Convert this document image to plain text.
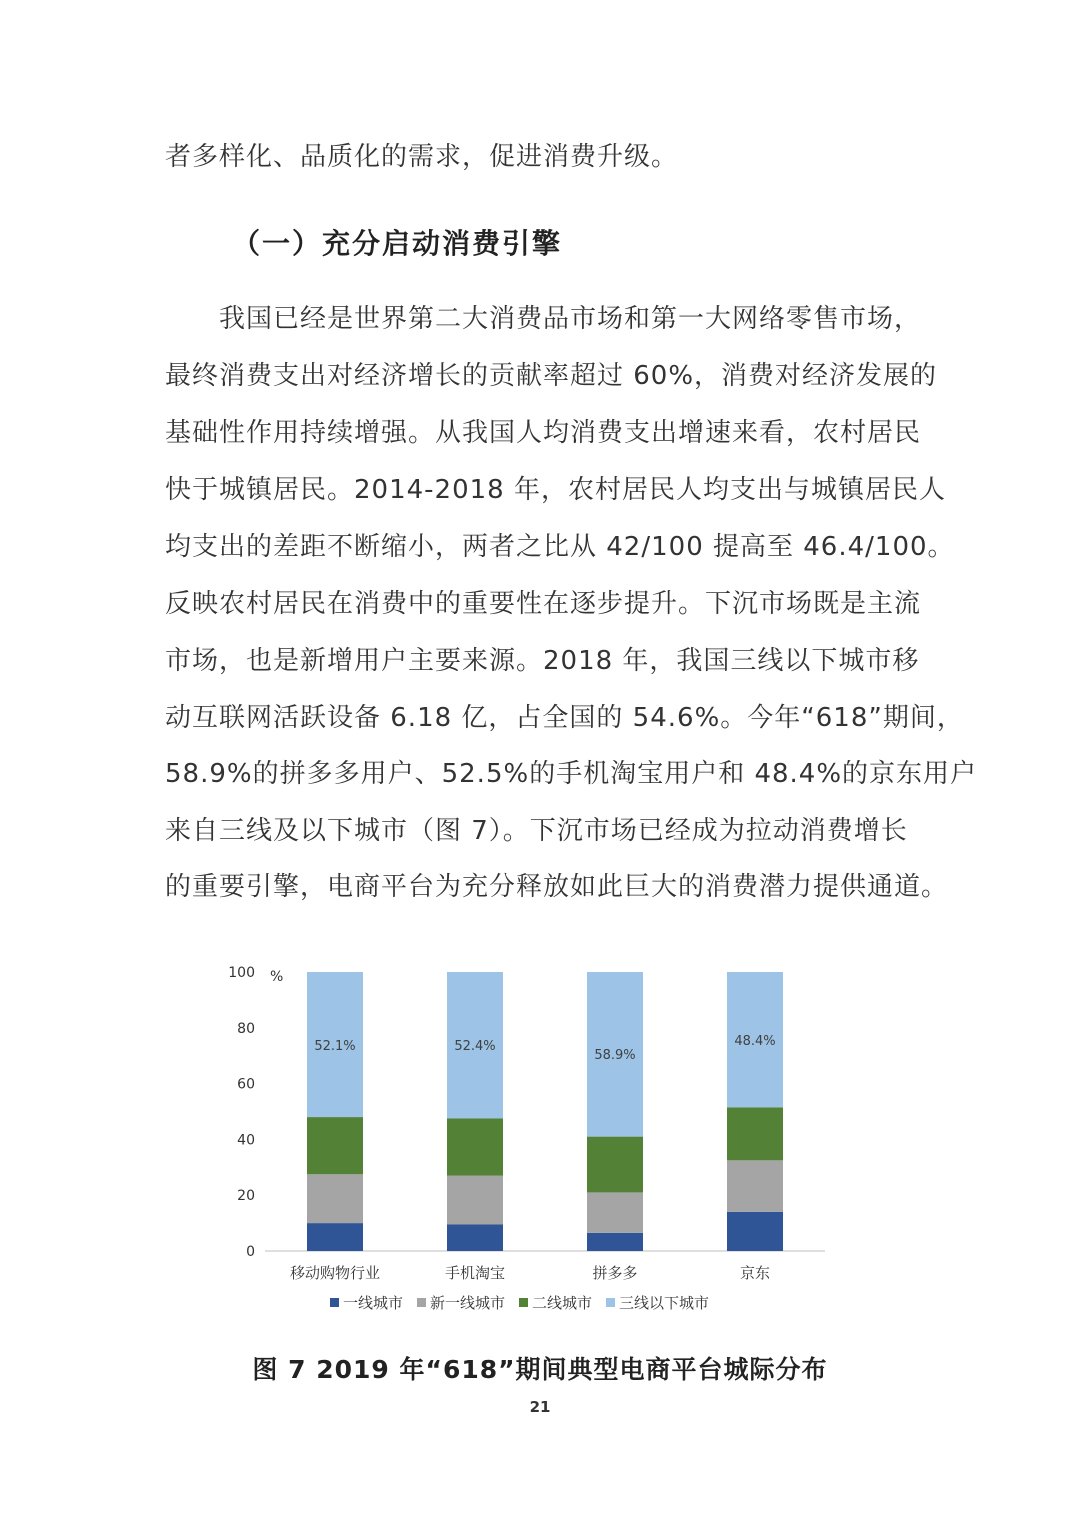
者多样化、品质化的需求，促进消费升级。
（一）充分启动消费引擎
　　我国已经是世界第二大消费品市场和第一大网络零售市场，
最终消费支出对经济增长的贡献率超过 60%，消费对经济发展的
基础性作用持续增强。从我国人均消费支出增速来看，农村居民
快于城镇居民。2014-2018 年，农村居民人均支出与城镇居民人
均支出的差距不断缩小，两者之比从 42/100 提高至 46.4/100。
反映农村居民在消费中的重要性在逐步提升。下沉市场既是主流
市场，也是新增用户主要来源。2018 年，我国三线以下城市移
动互联网活跃设备 6.18 亿，占全国的 54.6%。今年“618”期间，
58.9%的拼多多用户、52.5%的手机淘宝用户和 48.4%的京东用户
来自三线及以下城市（图 7）。下沉市场已经成为拉动消费增长
的重要引擎，电商平台为充分释放如此巨大的消费潜力提供通道。
0
20
40
60
80
100 %
52.1%
移动购物行业
52.4%
手机淘宝
58.9%
拼多多
48.4%
京东
一线城市 新一线城市 二线城市 三线以下城市
图 7 2019 年“618”期间典型电商平台城际分布
21
